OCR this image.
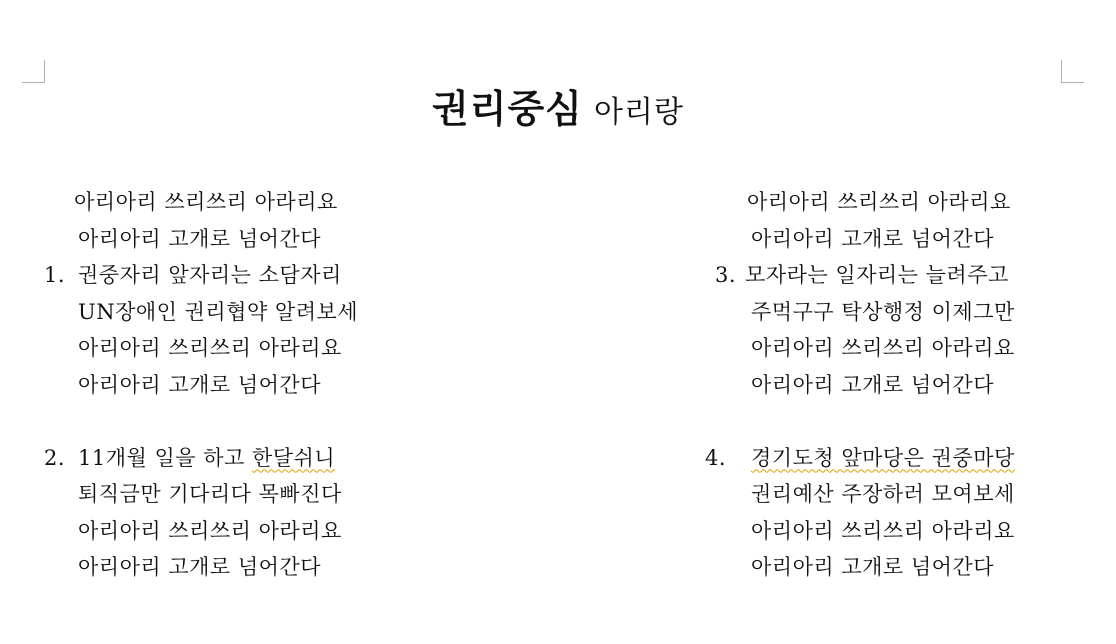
권리중심 아리랑
아리아리 쓰리쓰리 아라리요
아리아리 고개로 넘어간다
1. 권중자리 앞자리는 소담자리
UN장애인 권리협약 알려보세
아리아리 쓰리쓰리 아라리요
아리아리 고개로 넘어간다
2. 11개월 일을 하고 한달쉬니
퇴직금만 기다리다 목빠진다
아리아리 쓰리쓰리 아라리요
아리아리 고개로 넘어간다
아리아리 쓰리쓰리 아라리요
아리아리 고개로 넘어간다
3. 모자라는 일자리는 늘려주고
주먹구구 탁상행정 이제그만
아리아리 쓰리쓰리 아라리요
아리아리 고개로 넘어간다
4. 경기도청 앞마당은 권중마당
권리예산 주장하러 모여보세
아리아리 쓰리쓰리 아라리요
아리아리 고개로 넘어간다
